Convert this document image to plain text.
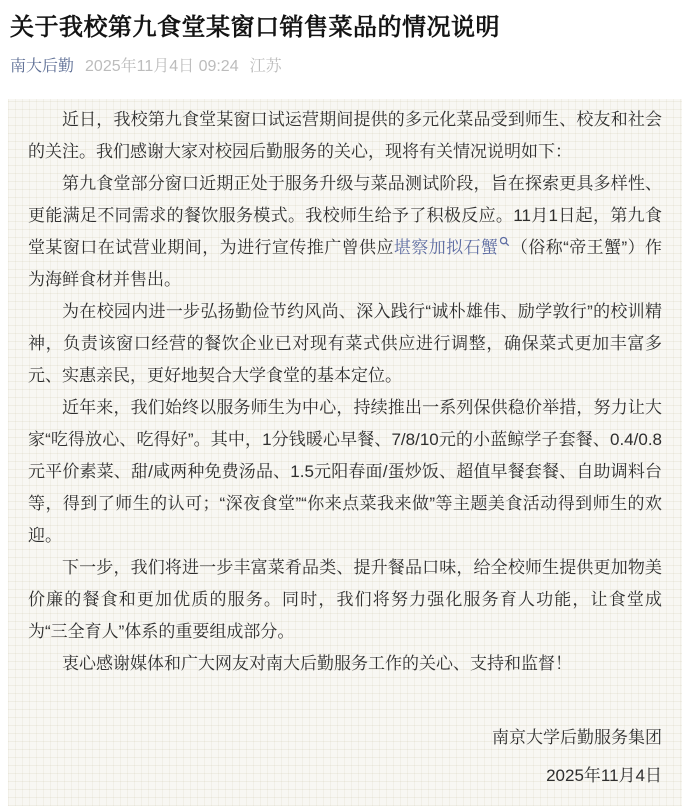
关于我校第九食堂某窗口销售菜品的情况说明
南大后勤 2025年11月4日 09:24 江苏

近日，我校第九食堂某窗口试运营期间提供的多元化菜品受到师生、校友和社会的关注。我们感谢大家对校园后勤服务的关心，现将有关情况说明如下：

第九食堂部分窗口近期正处于服务升级与菜品测试阶段，旨在探索更具多样性、更能满足不同需求的餐饮服务模式。我校师生给予了积极反应。11月1日起，第九食堂某窗口在试营业期间，为进行宣传推广曾供应堪察加拟石蟹 （俗称“帝王蟹”）作为海鲜食材并售出。

为在校园内进一步弘扬勤俭节约风尚、深入践行“诚朴雄伟、励学敦行”的校训精神，负责该窗口经营的餐饮企业已对现有菜式供应进行调整，确保菜式更加丰富多元、实惠亲民，更好地契合大学食堂的基本定位。

近年来，我们始终以服务师生为中心，持续推出一系列保供稳价举措，努力让大家“吃得放心、吃得好”。其中，1分钱暖心早餐、7/8/10元的小蓝鲸学子套餐、0.4/0.8元平价素菜、甜/咸两种免费汤品、1.5元阳春面/蛋炒饭、超值早餐套餐、自助调料台等，得到了师生的认可；“深夜食堂”“你来点菜我来做”等主题美食活动得到师生的欢迎。

下一步，我们将进一步丰富菜肴品类、提升餐品口味，给全校师生提供更加物美价廉的餐食和更加优质的服务。同时，我们将努力强化服务育人功能，让食堂成为“三全育人”体系的重要组成部分。

衷心感谢媒体和广大网友对南大后勤服务工作的关心、支持和监督！

南京大学后勤服务集团
2025年11月4日
